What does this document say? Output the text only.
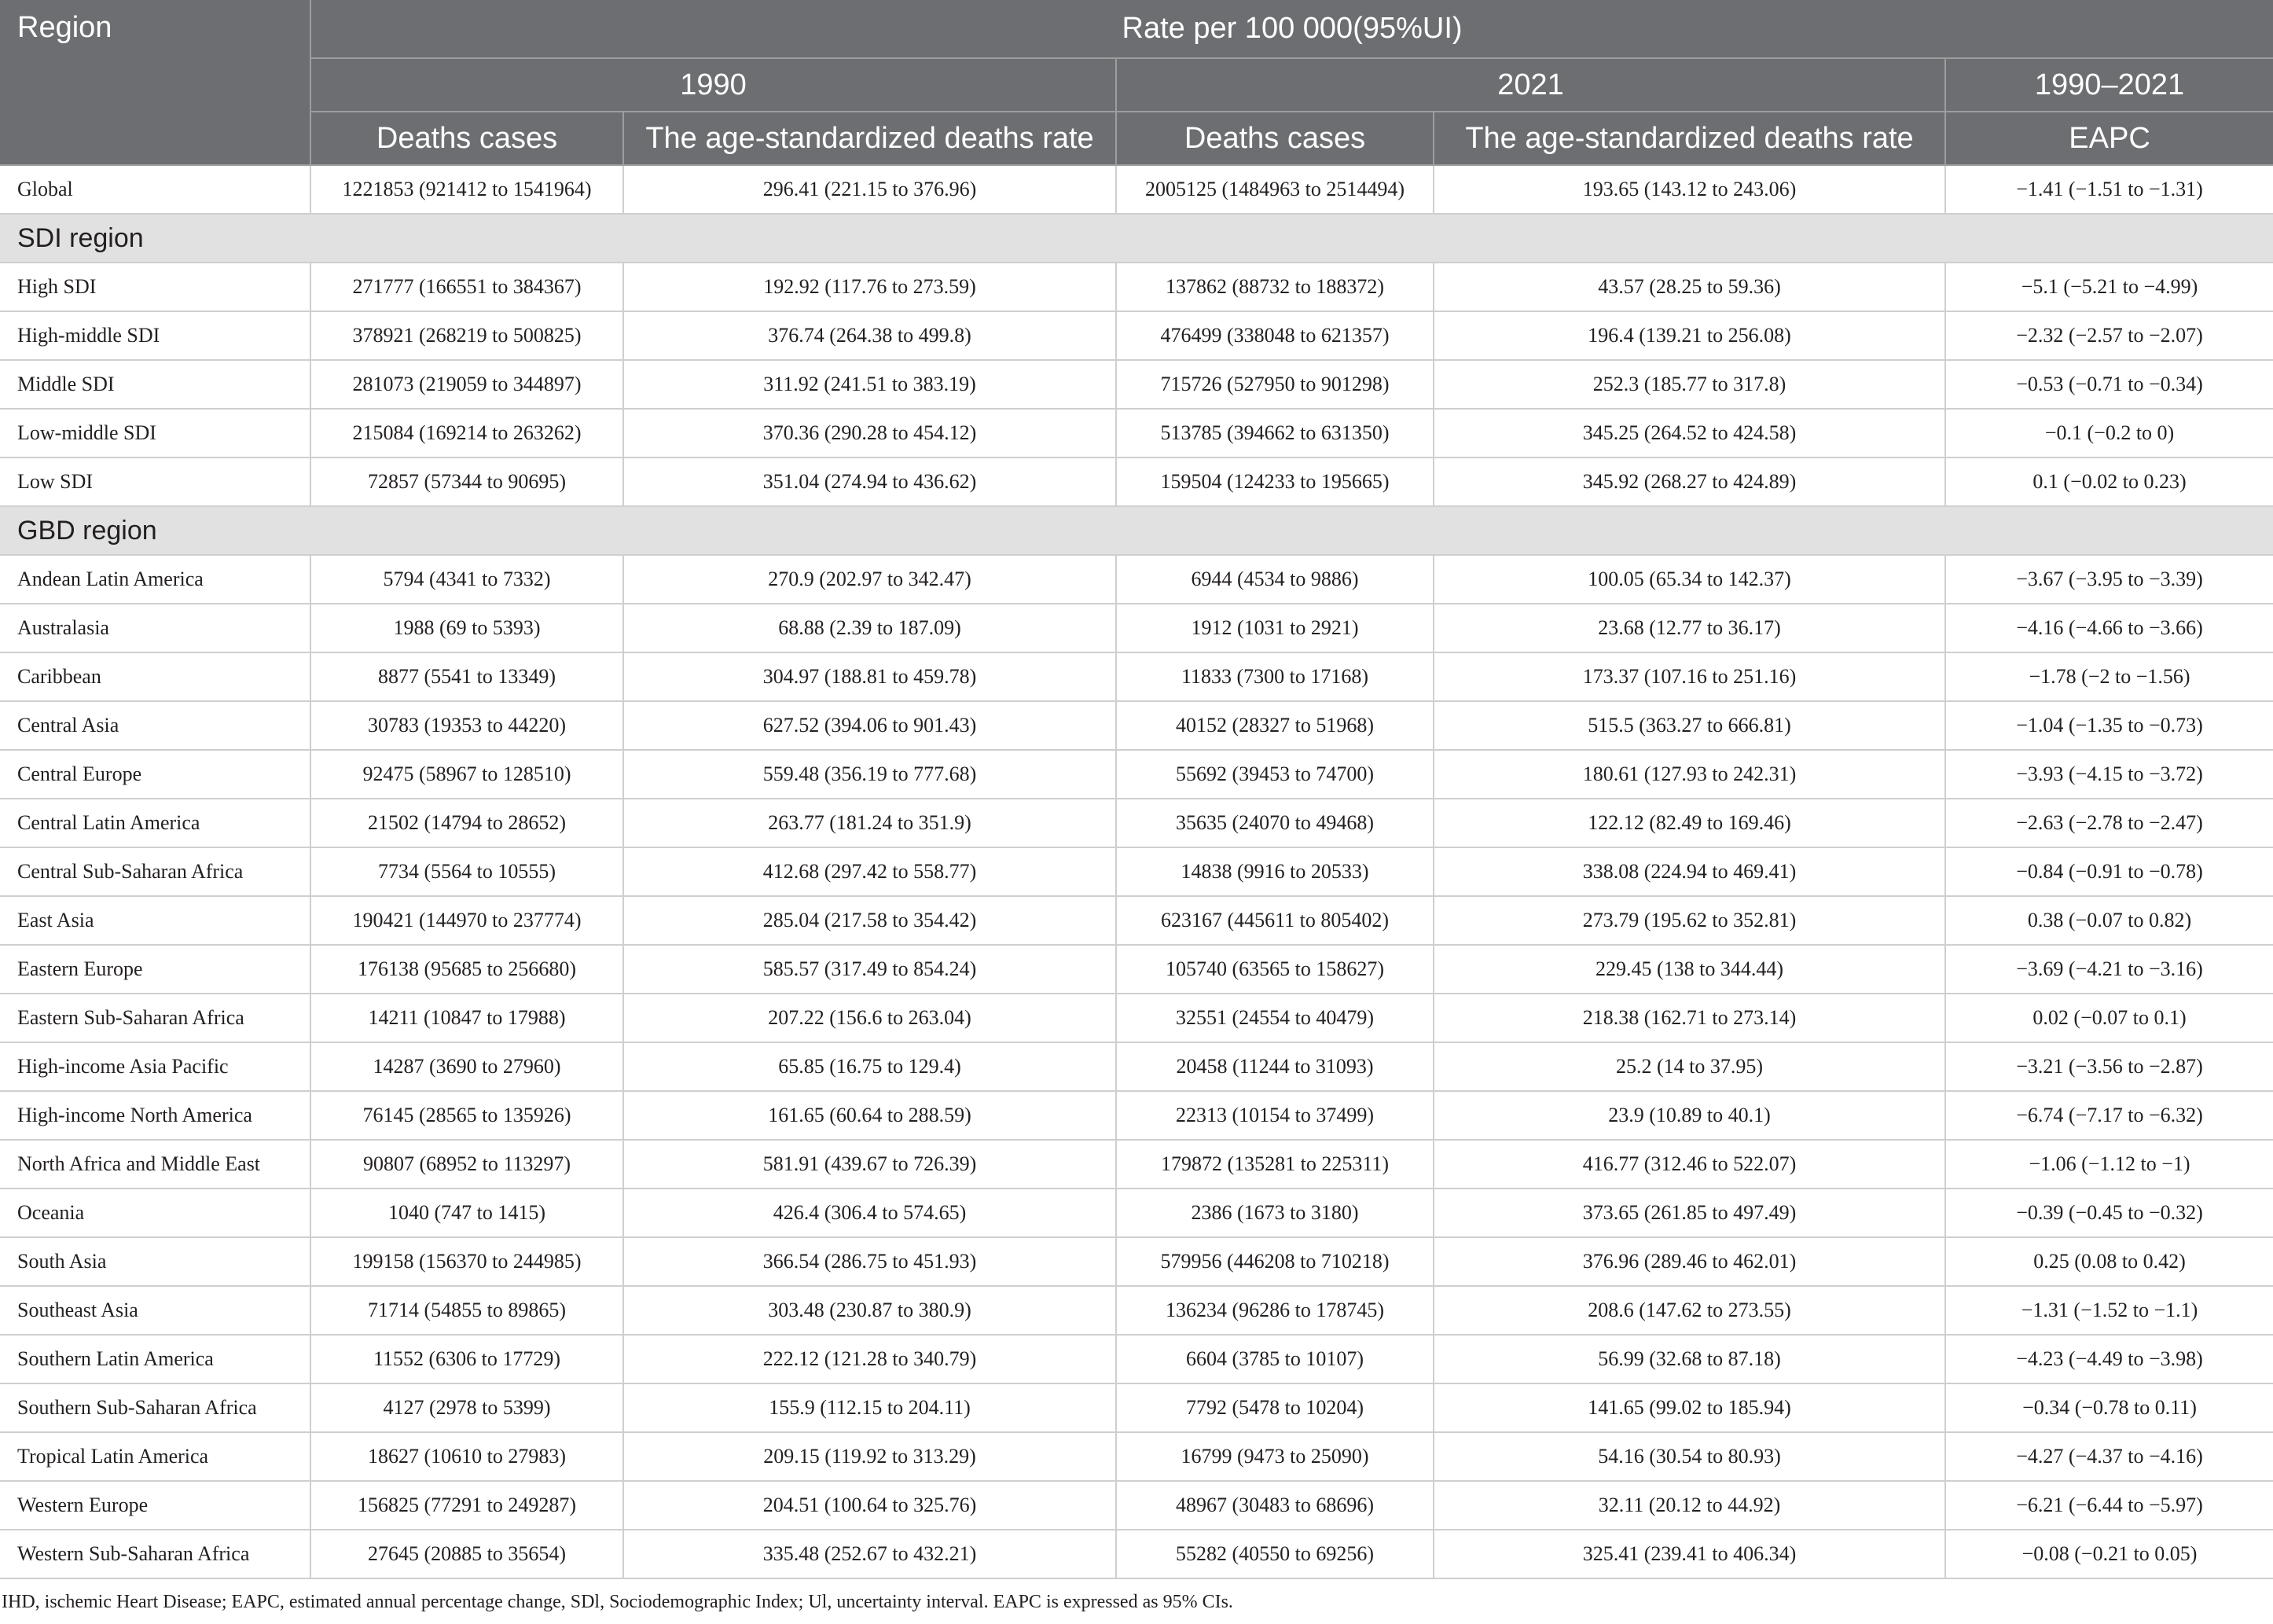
Region	Rate per 100 000(95%UI)				
	1990		2021		1990–2021
	Deaths cases	The age-standardized deaths rate	Deaths cases	The age-standardized deaths rate	EAPC
Global	1221853 (921412 to 1541964)	296.41 (221.15 to 376.96)	2005125 (1484963 to 2514494)	193.65 (143.12 to 243.06)	−1.41 (−1.51 to −1.31)
SDI region					
High SDI	271777 (166551 to 384367)	192.92 (117.76 to 273.59)	137862 (88732 to 188372)	43.57 (28.25 to 59.36)	−5.1 (−5.21 to −4.99)
High-middle SDI	378921 (268219 to 500825)	376.74 (264.38 to 499.8)	476499 (338048 to 621357)	196.4 (139.21 to 256.08)	−2.32 (−2.57 to −2.07)
Middle SDI	281073 (219059 to 344897)	311.92 (241.51 to 383.19)	715726 (527950 to 901298)	252.3 (185.77 to 317.8)	−0.53 (−0.71 to −0.34)
Low-middle SDI	215084 (169214 to 263262)	370.36 (290.28 to 454.12)	513785 (394662 to 631350)	345.25 (264.52 to 424.58)	−0.1 (−0.2 to 0)
Low SDI	72857 (57344 to 90695)	351.04 (274.94 to 436.62)	159504 (124233 to 195665)	345.92 (268.27 to 424.89)	0.1 (−0.02 to 0.23)
GBD region					
Andean Latin America	5794 (4341 to 7332)	270.9 (202.97 to 342.47)	6944 (4534 to 9886)	100.05 (65.34 to 142.37)	−3.67 (−3.95 to −3.39)
Australasia	1988 (69 to 5393)	68.88 (2.39 to 187.09)	1912 (1031 to 2921)	23.68 (12.77 to 36.17)	−4.16 (−4.66 to −3.66)
Caribbean	8877 (5541 to 13349)	304.97 (188.81 to 459.78)	11833 (7300 to 17168)	173.37 (107.16 to 251.16)	−1.78 (−2 to −1.56)
Central Asia	30783 (19353 to 44220)	627.52 (394.06 to 901.43)	40152 (28327 to 51968)	515.5 (363.27 to 666.81)	−1.04 (−1.35 to −0.73)
Central Europe	92475 (58967 to 128510)	559.48 (356.19 to 777.68)	55692 (39453 to 74700)	180.61 (127.93 to 242.31)	−3.93 (−4.15 to −3.72)
Central Latin America	21502 (14794 to 28652)	263.77 (181.24 to 351.9)	35635 (24070 to 49468)	122.12 (82.49 to 169.46)	−2.63 (−2.78 to −2.47)
Central Sub-Saharan Africa	7734 (5564 to 10555)	412.68 (297.42 to 558.77)	14838 (9916 to 20533)	338.08 (224.94 to 469.41)	−0.84 (−0.91 to −0.78)
East Asia	190421 (144970 to 237774)	285.04 (217.58 to 354.42)	623167 (445611 to 805402)	273.79 (195.62 to 352.81)	0.38 (−0.07 to 0.82)
Eastern Europe	176138 (95685 to 256680)	585.57 (317.49 to 854.24)	105740 (63565 to 158627)	229.45 (138 to 344.44)	−3.69 (−4.21 to −3.16)
Eastern Sub-Saharan Africa	14211 (10847 to 17988)	207.22 (156.6 to 263.04)	32551 (24554 to 40479)	218.38 (162.71 to 273.14)	0.02 (−0.07 to 0.1)
High-income Asia Pacific	14287 (3690 to 27960)	65.85 (16.75 to 129.4)	20458 (11244 to 31093)	25.2 (14 to 37.95)	−3.21 (−3.56 to −2.87)
High-income North America	76145 (28565 to 135926)	161.65 (60.64 to 288.59)	22313 (10154 to 37499)	23.9 (10.89 to 40.1)	−6.74 (−7.17 to −6.32)
North Africa and Middle East	90807 (68952 to 113297)	581.91 (439.67 to 726.39)	179872 (135281 to 225311)	416.77 (312.46 to 522.07)	−1.06 (−1.12 to −1)
Oceania	1040 (747 to 1415)	426.4 (306.4 to 574.65)	2386 (1673 to 3180)	373.65 (261.85 to 497.49)	−0.39 (−0.45 to −0.32)
South Asia	199158 (156370 to 244985)	366.54 (286.75 to 451.93)	579956 (446208 to 710218)	376.96 (289.46 to 462.01)	0.25 (0.08 to 0.42)
Southeast Asia	71714 (54855 to 89865)	303.48 (230.87 to 380.9)	136234 (96286 to 178745)	208.6 (147.62 to 273.55)	−1.31 (−1.52 to −1.1)
Southern Latin America	11552 (6306 to 17729)	222.12 (121.28 to 340.79)	6604 (3785 to 10107)	56.99 (32.68 to 87.18)	−4.23 (−4.49 to −3.98)
Southern Sub-Saharan Africa	4127 (2978 to 5399)	155.9 (112.15 to 204.11)	7792 (5478 to 10204)	141.65 (99.02 to 185.94)	−0.34 (−0.78 to 0.11)
Tropical Latin America	18627 (10610 to 27983)	209.15 (119.92 to 313.29)	16799 (9473 to 25090)	54.16 (30.54 to 80.93)	−4.27 (−4.37 to −4.16)
Western Europe	156825 (77291 to 249287)	204.51 (100.64 to 325.76)	48967 (30483 to 68696)	32.11 (20.12 to 44.92)	−6.21 (−6.44 to −5.97)
Western Sub-Saharan Africa	27645 (20885 to 35654)	335.48 (252.67 to 432.21)	55282 (40550 to 69256)	325.41 (239.41 to 406.34)	−0.08 (−0.21 to 0.05)
IHD, ischemic Heart Disease; EAPC, estimated annual percentage change, SDl, Sociodemographic Index; Ul, uncertainty interval. EAPC is expressed as 95% CIs.
